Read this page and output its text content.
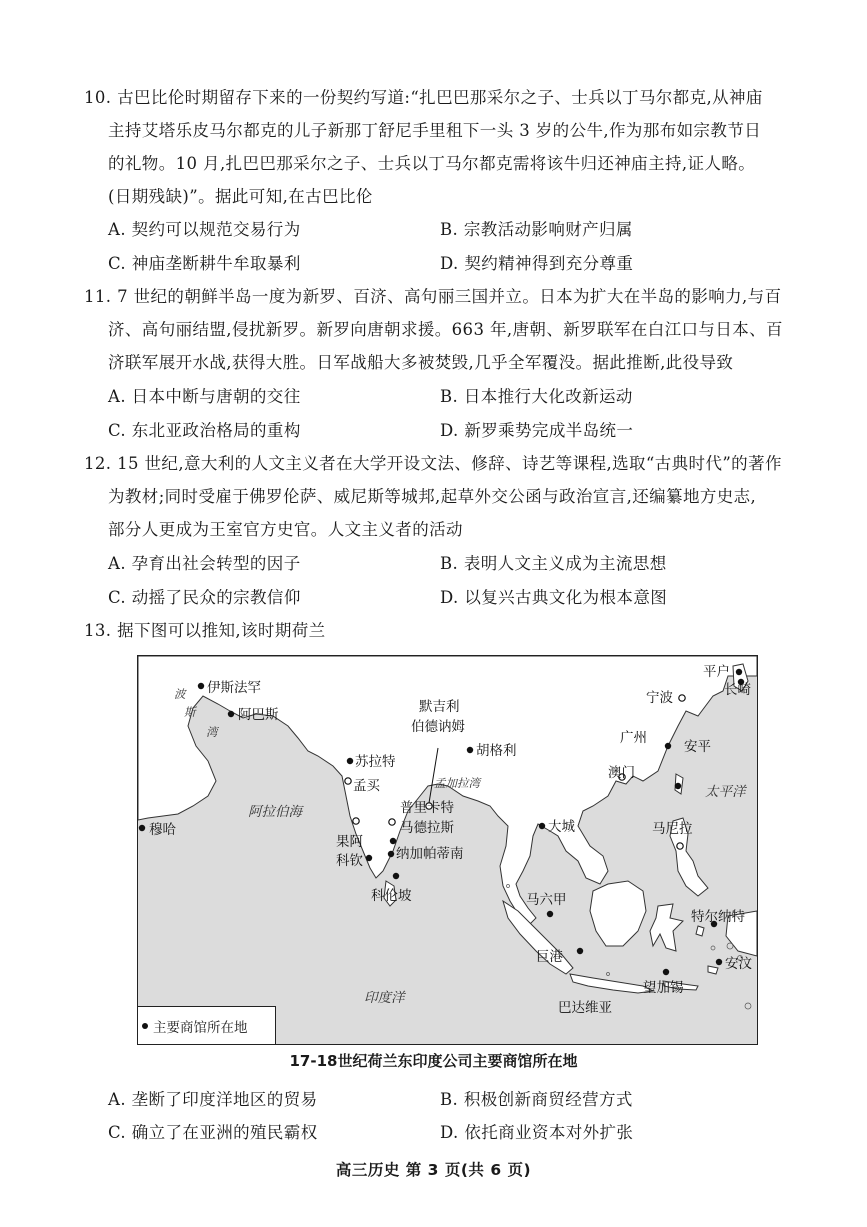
10. 古巴比伦时期留存下来的一份契约写道:“扎巴巴那采尔之子、士兵以丁马尔都克,从神庙
主持艾塔乐皮马尔都克的儿子新那丁舒尼手里租下一头 3 岁的公牛,作为那布如宗教节日
的礼物。10 月,扎巴巴那采尔之子、士兵以丁马尔都克需将该牛归还神庙主持,证人略。
(日期残缺)”。据此可知,在古巴比伦
A. 契约可以规范交易行为	B. 宗教活动影响财产归属
C. 神庙垄断耕牛牟取暴利	D. 契约精神得到充分尊重
11. 7 世纪的朝鲜半岛一度为新罗、百济、高句丽三国并立。日本为扩大在半岛的影响力,与百
济、高句丽结盟,侵扰新罗。新罗向唐朝求援。663 年,唐朝、新罗联军在白江口与日本、百
济联军展开水战,获得大胜。日军战船大多被焚毁,几乎全军覆没。据此推断,此役导致
A. 日本中断与唐朝的交往	B. 日本推行大化改新运动
C. 东北亚政治格局的重构	D. 新罗乘势完成半岛统一
12. 15 世纪,意大利的人文主义者在大学开设文法、修辞、诗艺等课程,选取“古典时代”的著作
为教材;同时受雇于佛罗伦萨、威尼斯等城邦,起草外交公函与政治宣言,还编纂地方史志,
部分人更成为王室官方史官。人文主义者的活动
A. 孕育出社会转型的因子	B. 表明人文主义成为主流思想
C. 动摇了民众的宗教信仰	D. 以复兴古典文化为根本意图
13. 据下图可以推知,该时期荷兰
伊斯法罕
阿巴斯
苏拉特
孟买
穆哈
果阿
科钦
科伦坡
普里卡特
马德拉斯
纳加帕蒂南
默吉利
伯德讷姆
胡格利
大城
马六甲
巨港
巴达维亚
望加锡
特尔纳特
安汶
马尼拉
安平
澳门
广州
宁波
平户
长崎
波
斯
湾
阿拉伯海
孟加拉湾
太平洋
印度洋
主要商馆所在地
17-18世纪荷兰东印度公司主要商馆所在地
A. 垄断了印度洋地区的贸易	B. 积极创新商贸经营方式
C. 确立了在亚洲的殖民霸权	D. 依托商业资本对外扩张
高三历史 第 3 页(共 6 页)
